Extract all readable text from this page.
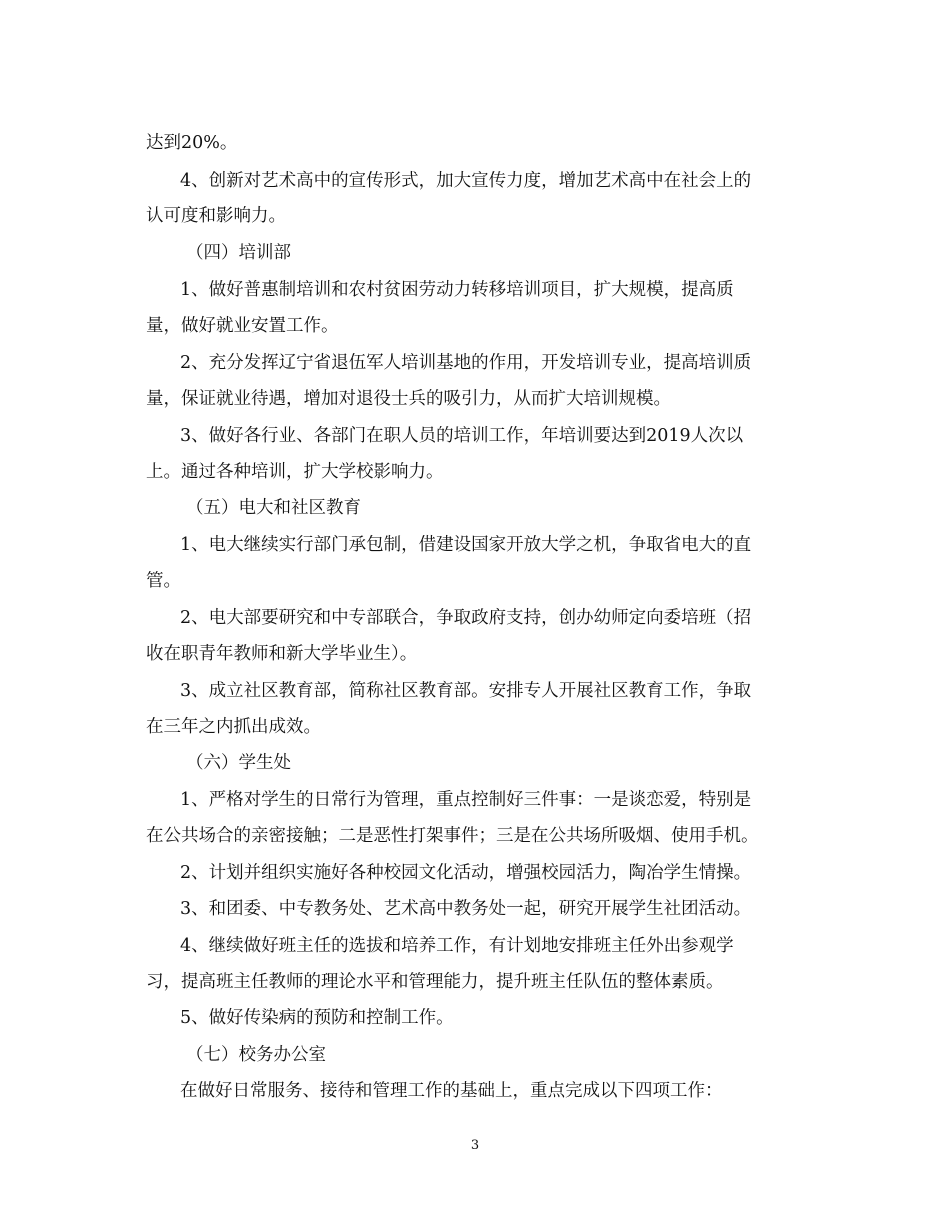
达到20%。
4、创新对艺术高中的宣传形式，加大宣传力度，增加艺术高中在社会上的
认可度和影响力。
（四）培训部
1、做好普惠制培训和农村贫困劳动力转移培训项目，扩大规模，提高质
量，做好就业安置工作。
2、充分发挥辽宁省退伍军人培训基地的作用，开发培训专业，提高培训质
量，保证就业待遇，增加对退役士兵的吸引力，从而扩大培训规模。
3、做好各行业、各部门在职人员的培训工作，年培训要达到2019人次以
上。通过各种培训，扩大学校影响力。
（五）电大和社区教育
1、电大继续实行部门承包制，借建设国家开放大学之机，争取省电大的直
管。
2、电大部要研究和中专部联合，争取政府支持，创办幼师定向委培班（招
收在职青年教师和新大学毕业生）。
3、成立社区教育部，简称社区教育部。安排专人开展社区教育工作，争取
在三年之内抓出成效。
（六）学生处
1、严格对学生的日常行为管理，重点控制好三件事：一是谈恋爱，特别是
在公共场合的亲密接触；二是恶性打架事件；三是在公共场所吸烟、使用手机。
2、计划并组织实施好各种校园文化活动，增强校园活力，陶冶学生情操。
3、和团委、中专教务处、艺术高中教务处一起，研究开展学生社团活动。
4、继续做好班主任的选拔和培养工作，有计划地安排班主任外出参观学
习，提高班主任教师的理论水平和管理能力，提升班主任队伍的整体素质。
5、做好传染病的预防和控制工作。
（七）校务办公室
在做好日常服务、接待和管理工作的基础上，重点完成以下四项工作：
3
